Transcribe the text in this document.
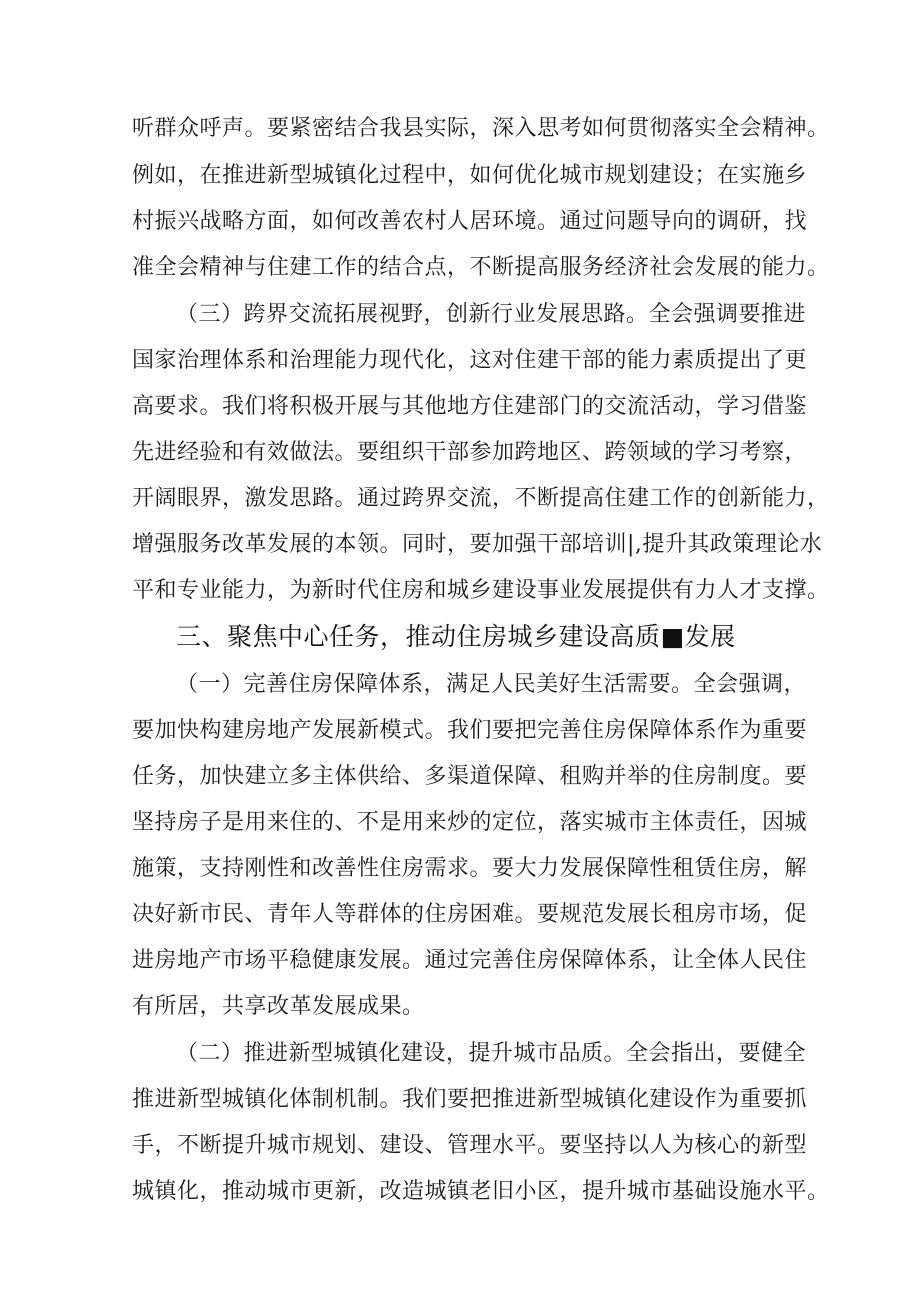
听群众呼声。要紧密结合我县实际，深入思考如何贯彻落实全会精神。
例如，在推进新型城镇化过程中，如何优化城市规划建设；在实施乡
村振兴战略方面，如何改善农村人居环境。通过问题导向的调研，找
准全会精神与住建工作的结合点，不断提高服务经济社会发展的能力。
（三）跨界交流拓展视野，创新行业发展思路。全会强调要推进
国家治理体系和治理能力现代化，这对住建干部的能力素质提出了更
高要求。我们将积极开展与其他地方住建部门的交流活动，学习借鉴
先进经验和有效做法。要组织干部参加跨地区、跨领域的学习考察，
开阔眼界，激发思路。通过跨界交流，不断提高住建工作的创新能力，
增强服务改革发展的本领。同时，要加强干部培训|,提升其政策理论水
平和专业能力，为新时代住房和城乡建设事业发展提供有力人才支撑。
三、聚焦中心任务，推动住房城乡建设高质■发展
（一）完善住房保障体系，满足人民美好生活需要。全会强调，
要加快构建房地产发展新模式。我们要把完善住房保障体系作为重要
任务，加快建立多主体供给、多渠道保障、租购并举的住房制度。要
坚持房子是用来住的、不是用来炒的定位，落实城市主体责任，因城
施策，支持刚性和改善性住房需求。要大力发展保障性租赁住房，解
决好新市民、青年人等群体的住房困难。要规范发展长租房市场，促
进房地产市场平稳健康发展。通过完善住房保障体系，让全体人民住
有所居，共享改革发展成果。
（二）推进新型城镇化建设，提升城市品质。全会指出，要健全
推进新型城镇化体制机制。我们要把推进新型城镇化建设作为重要抓
手，不断提升城市规划、建设、管理水平。要坚持以人为核心的新型
城镇化，推动城市更新，改造城镇老旧小区，提升城市基础设施水平。
